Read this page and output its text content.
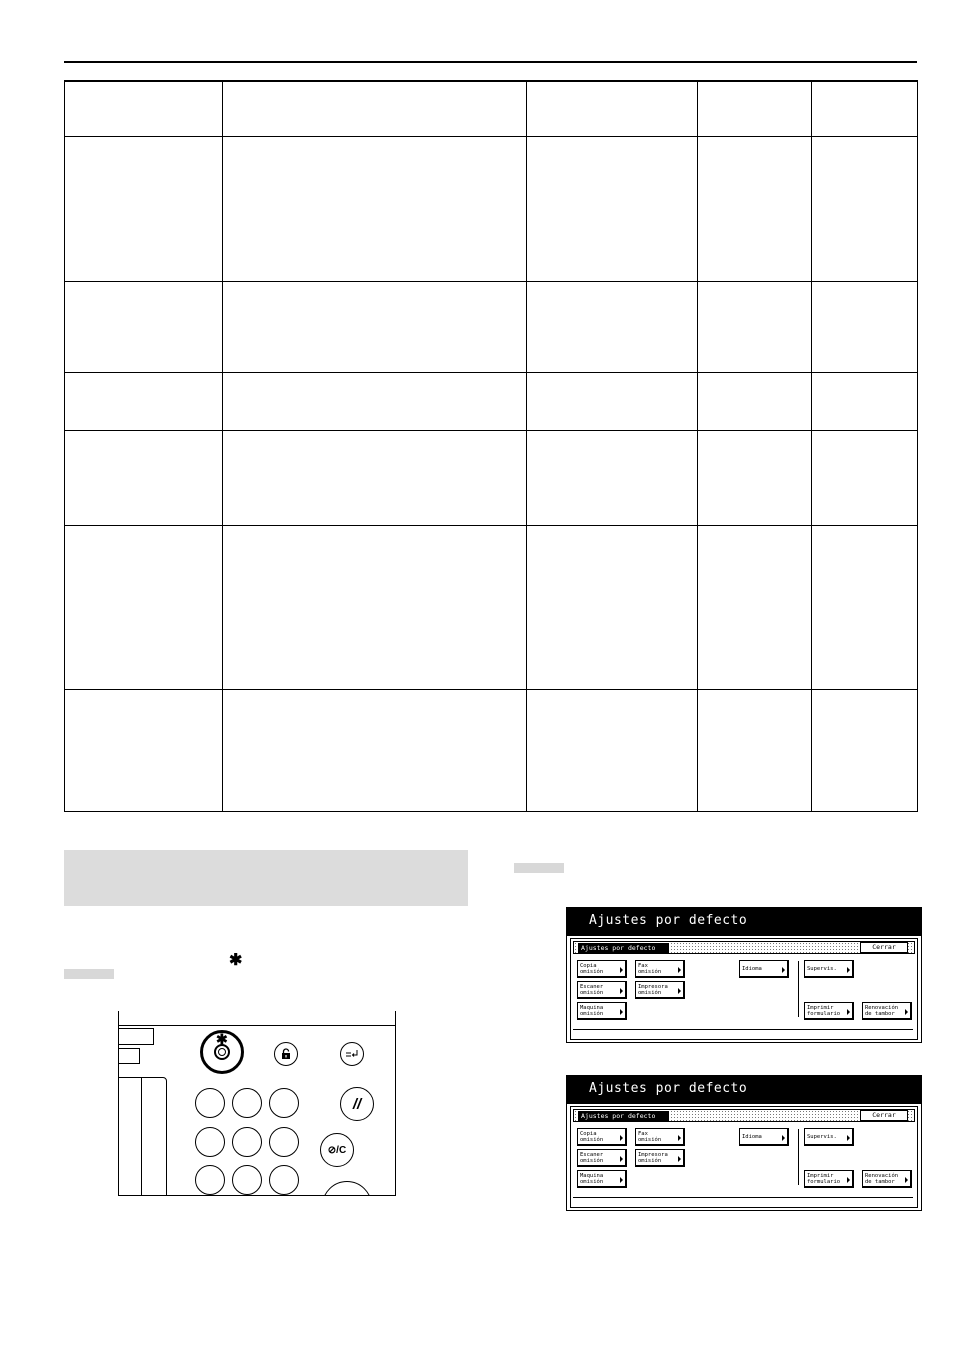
✱
✱
//
⊘/C
Ajustes por defecto
Ajustes por defecto	Cerrar
Copia
omisión
Fax
omisión	Idioma	Supervis.
Escaner
omisión
Impresora
omisión
Maquina
omisión
Imprimir
formulario
Renovación
de tambor
Ajustes por defecto
Ajustes por defecto	Cerrar
Copia
omisión
Fax
omisión	Idioma	Supervis.
Escaner
omisión
Impresora
omisión
Maquina
omisión
Imprimir
formulario
Renovación
de tambor
